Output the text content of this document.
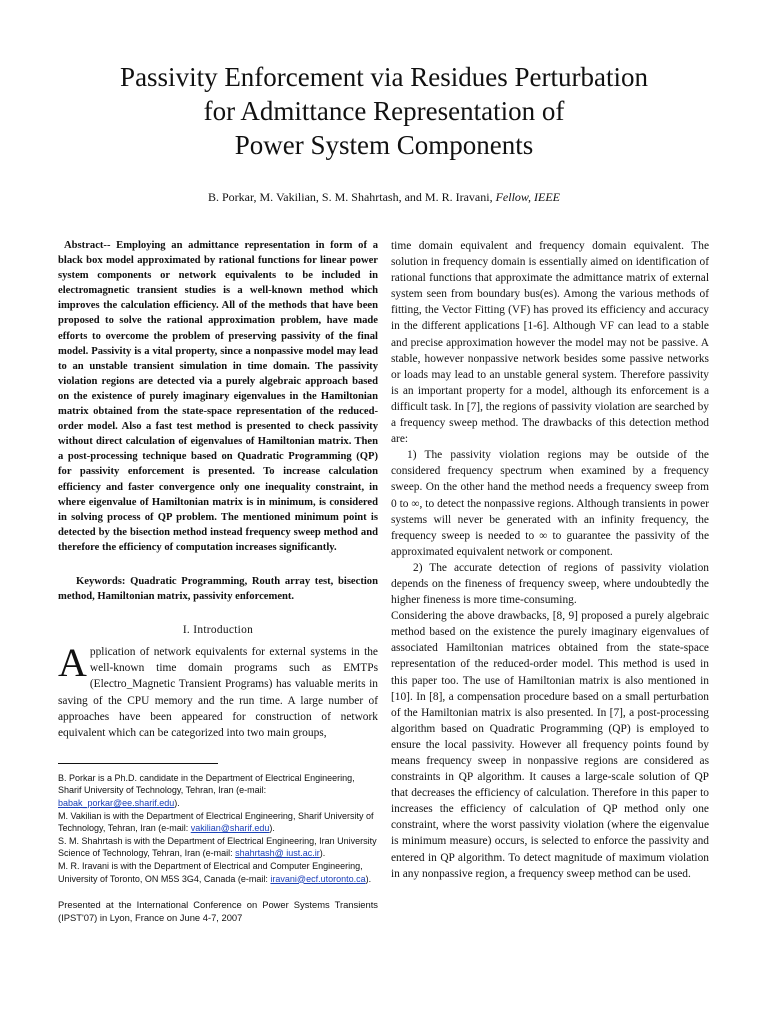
Passivity Enforcement via Residues Perturbation
for Admittance Representation of
Power System Components
B. Porkar, M. Vakilian, S. M. Shahrtash, and M. R. Iravani, Fellow, IEEE

Abstract-- Employing an admittance representation in form of a black box model approximated by rational functions for linear power system components or network equivalents to be included in electromagnetic transient studies is a well-known method which improves the calculation efficiency. All of the methods that have been proposed to solve the rational approximation problem, have made efforts to overcome the problem of preserving passivity of the final model. Passivity is a vital property, since a nonpassive model may lead to an unstable transient simulation in time domain. The passivity violation regions are detected via a purely algebraic approach based on the existence of purely imaginary eigenvalues in the Hamiltonian matrix obtained from the state-space representation of the reduced-order model. Also a fast test method is presented to check passivity without direct calculation of eigenvalues of Hamiltonian matrix. Then a post-processing technique based on Quadratic Programming (QP) for passivity enforcement is presented. To increase calculation efficiency and faster convergence only one inequality constraint, in where eigenvalue of Hamiltonian matrix is in minimum, is considered in solving process of QP problem. The mentioned minimum point is detected by the bisection method instead frequency sweep method and therefore the efficiency of computation increases significantly.

Keywords: Quadratic Programming, Routh array test, bisection method, Hamiltonian matrix, passivity enforcement.

I. Introduction

Application of network equivalents for external systems in the well-known time domain programs such as EMTPs (Electro_Magnetic Transient Programs) has valuable merits in saving of the CPU memory and the run time. A large number of approaches have been appeared for construction of network equivalent which can be categorized into two main groups,

B. Porkar is a Ph.D. candidate in the Department of Electrical Engineering, Sharif University of Technology, Tehran, Iran (e-mail: babak_porkar@ee.sharif.edu).

M. Vakilian is with the Department of Electrical Engineering, Sharif University of Technology, Tehran, Iran (e-mail: vakilian@sharif.edu).

S. M. Shahrtash is with the Department of Electrical Engineering, Iran University Science of Technology, Tehran, Iran (e-mail: shahrtash@ iust.ac.ir).

M. R. Iravani is with the Department of Electrical and Computer Engineering, University of Toronto, ON M5S 3G4, Canada (e-mail: iravani@ecf.utoronto.ca).

Presented at the International Conference on Power Systems Transients (IPST'07) in Lyon, France on June 4-7, 2007

time domain equivalent and frequency domain equivalent. The solution in frequency domain is essentially aimed on identification of rational functions that approximate the admittance matrix of external system seen from boundary bus(es). Among the various methods of fitting, the Vector Fitting (VF) has proved its efficiency and accuracy in the different applications [1-6]. Although VF can lead to a stable and precise approximation however the model may not be passive. A stable, however nonpassive network besides some passive networks or loads may lead to an unstable general system. Therefore passivity is an important property for a model, although its enforcement is a difficult task. In [7], the regions of passivity violation are searched by a frequency sweep method. The drawbacks of this detection method are:

1) The passivity violation regions may be outside of the considered frequency spectrum when examined by a frequency sweep. On the other hand the method needs a frequency sweep from 0 to ∞, to detect the nonpassive regions. Although transients in power systems will never be generated with an infinity frequency, the frequency sweep is needed to ∞ to guarantee the passivity of the approximated equivalent network or component.

2) The accurate detection of regions of passivity violation depends on the fineness of frequency sweep, where undoubtedly the higher fineness is more time-consuming.

Considering the above drawbacks, [8, 9] proposed a purely algebraic method based on the existence the purely imaginary eigenvalues of associated Hamiltonian matrices obtained from the state-space representation of the reduced-order model. This method is used in this paper too. The use of Hamiltonian matrix is also mentioned in [10]. In [8], a compensation procedure based on a small perturbation of the Hamiltonian matrix is also presented. In [7], a post-processing algorithm based on Quadratic Programming (QP) is employed to ensure the local passivity. However all frequency points found by means frequency sweep in nonpassive regions are considered as constraints in QP algorithm. It causes a large-scale solution of QP that decreases the efficiency of calculation. Therefore in this paper to increases the efficiency of calculation of QP method only one constraint, where the worst passivity violation (where the eigenvalue is minimum measure) occurs, is selected to enforce the passivity and entered in QP algorithm. To detect magnitude of maximum violation in any nonpassive region, a frequency sweep method can be used.
